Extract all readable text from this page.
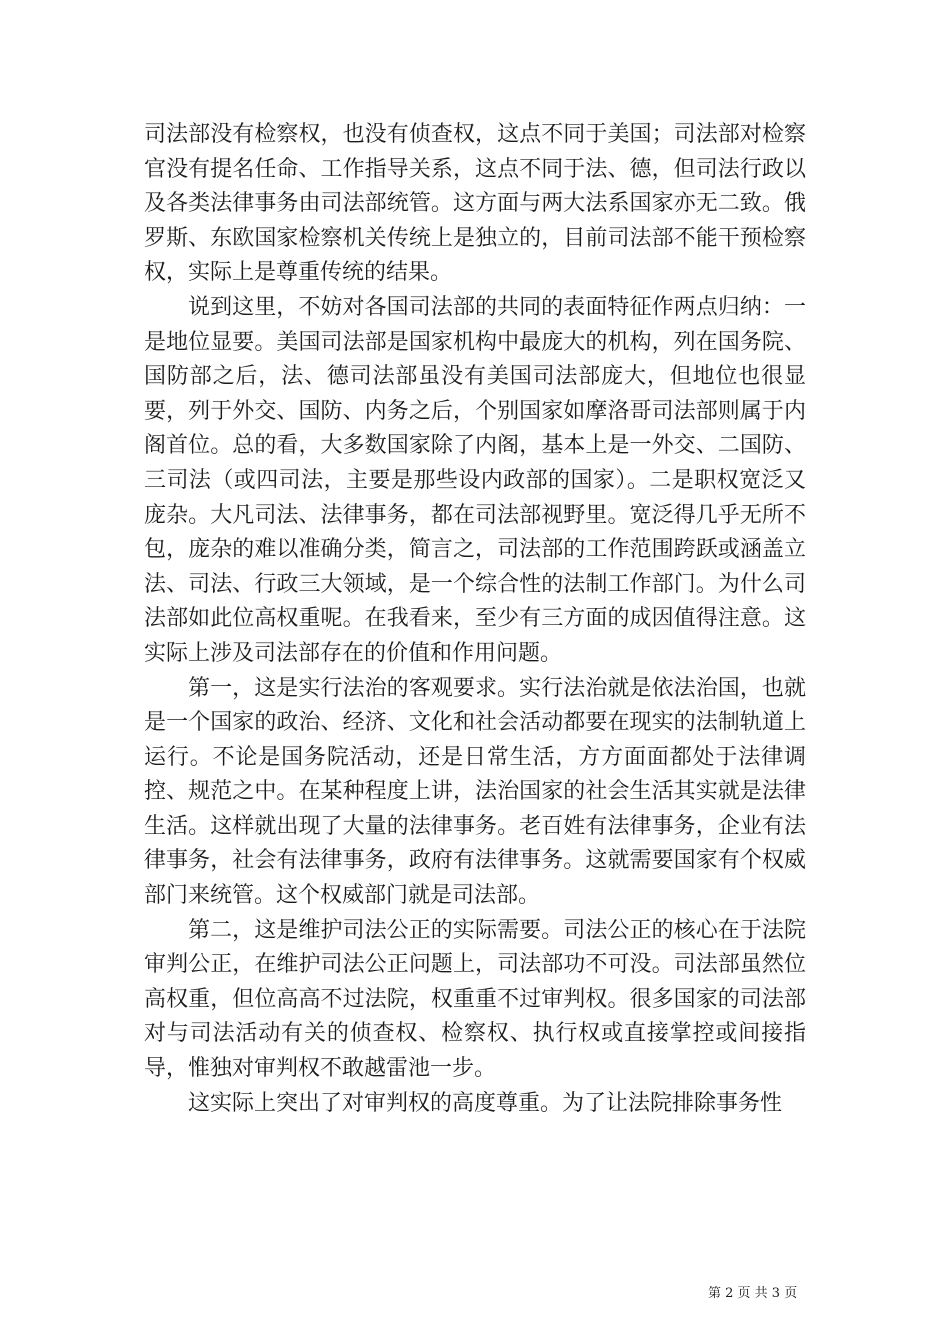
司法部没有检察权，也没有侦查权，这点不同于美国；司法部对检察官没有提名任命、工作指导关系，这点不同于法、德，但司法行政以及各类法律事务由司法部统管。这方面与两大法系国家亦无二致。俄罗斯、东欧国家检察机关传统上是独立的，目前司法部不能干预检察权，实际上是尊重传统的结果。

说到这里，不妨对各国司法部的共同的表面特征作两点归纳：一是地位显要。美国司法部是国家机构中最庞大的机构，列在国务院、国防部之后，法、德司法部虽没有美国司法部庞大，但地位也很显要，列于外交、国防、内务之后，个别国家如摩洛哥司法部则属于内阁首位。总的看，大多数国家除了内阁，基本上是一外交、二国防、三司法（或四司法，主要是那些设内政部的国家）。二是职权宽泛又庞杂。大凡司法、法律事务，都在司法部视野里。宽泛得几乎无所不包，庞杂的难以准确分类，简言之，司法部的工作范围跨跃或涵盖立法、司法、行政三大领域，是一个综合性的法制工作部门。为什么司法部如此位高权重呢。在我看来，至少有三方面的成因值得注意。这实际上涉及司法部存在的价值和作用问题。

第一，这是实行法治的客观要求。实行法治就是依法治国，也就是一个国家的政治、经济、文化和社会活动都要在现实的法制轨道上运行。不论是国务院活动，还是日常生活，方方面面都处于法律调控、规范之中。在某种程度上讲，法治国家的社会生活其实就是法律生活。这样就出现了大量的法律事务。老百姓有法律事务，企业有法律事务，社会有法律事务，政府有法律事务。这就需要国家有个权威部门来统管。这个权威部门就是司法部。

第二，这是维护司法公正的实际需要。司法公正的核心在于法院审判公正，在维护司法公正问题上，司法部功不可没。司法部虽然位高权重，但位高高不过法院，权重重不过审判权。很多国家的司法部对与司法活动有关的侦查权、检察权、执行权或直接掌控或间接指导，惟独对审判权不敢越雷池一步。

这实际上突出了对审判权的高度尊重。为了让法院排除事务性

第 2 页 共 3 页
